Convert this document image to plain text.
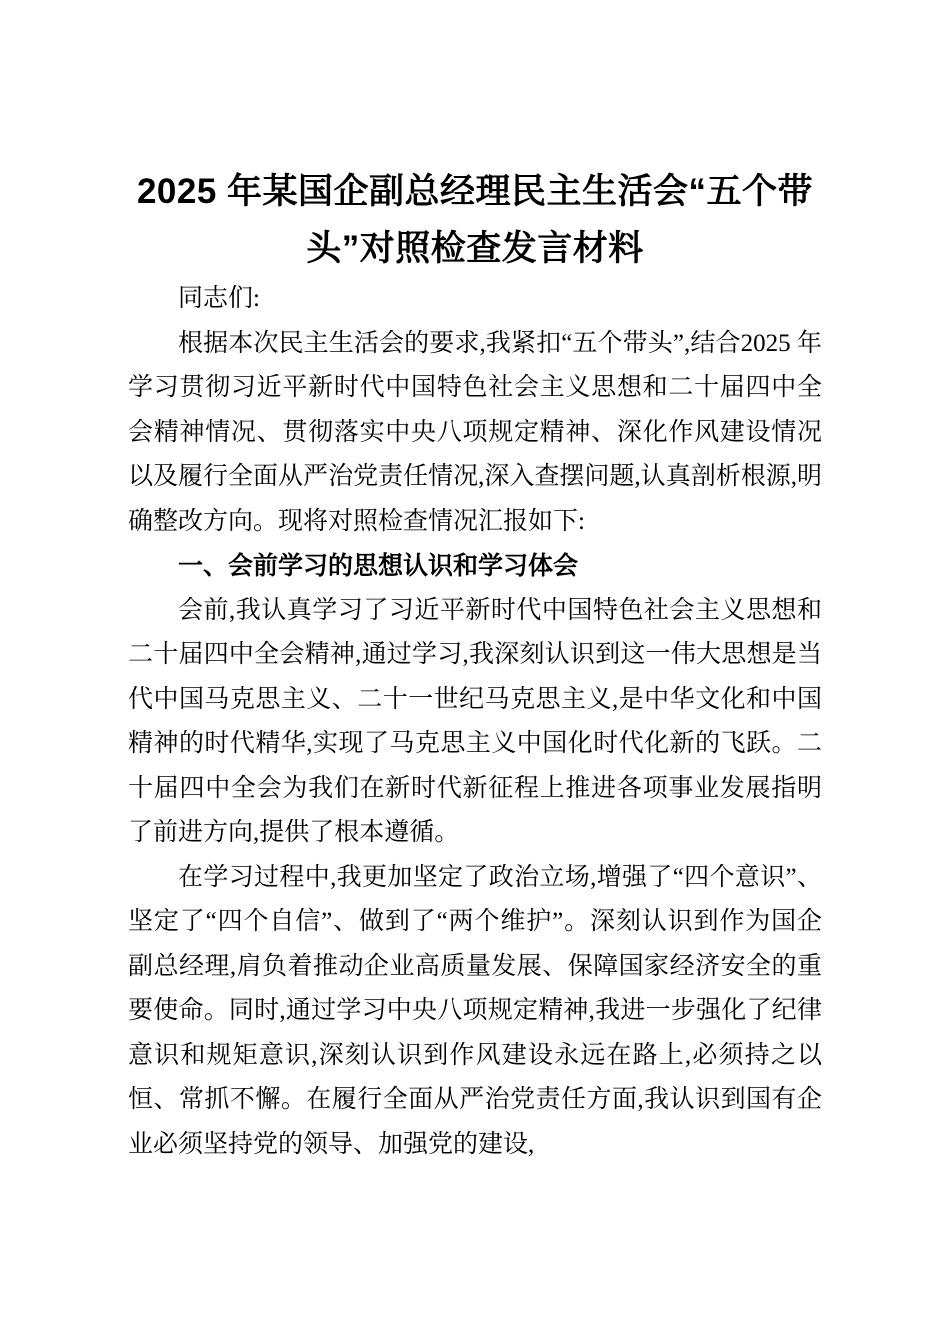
2025 年某国企副总经理民主生活会“五个带
头”对照检查发言材料

同志们:

根据本次民主生活会的要求,我紧扣“五个带头”,结合2025 年学习贯彻习近平新时代中国特色社会主义思想和二十届四中全会精神情况、贯彻落实中央八项规定精神、深化作风建设情况以及履行全面从严治党责任情况,深入查摆问题,认真剖析根源,明确整改方向。现将对照检查情况汇报如下:

一、会前学习的思想认识和学习体会

会前,我认真学习了习近平新时代中国特色社会主义思想和二十届四中全会精神,通过学习,我深刻认识到这一伟大思想是当代中国马克思主义、二十一世纪马克思主义,是中华文化和中国精神的时代精华,实现了马克思主义中国化时代化新的飞跃。二十届四中全会为我们在新时代新征程上推进各项事业发展指明了前进方向,提供了根本遵循。

在学习过程中,我更加坚定了政治立场,增强了“四个意识”、坚定了“四个自信”、做到了“两个维护”。深刻认识到作为国企副总经理,肩负着推动企业高质量发展、保障国家经济安全的重要使命。同时,通过学习中央八项规定精神,我进一步强化了纪律意识和规矩意识,深刻认识到作风建设永远在路上,必须持之以恒、常抓不懈。在履行全面从严治党责任方面,我认识到国有企业必须坚持党的领导、加强党的建设,
